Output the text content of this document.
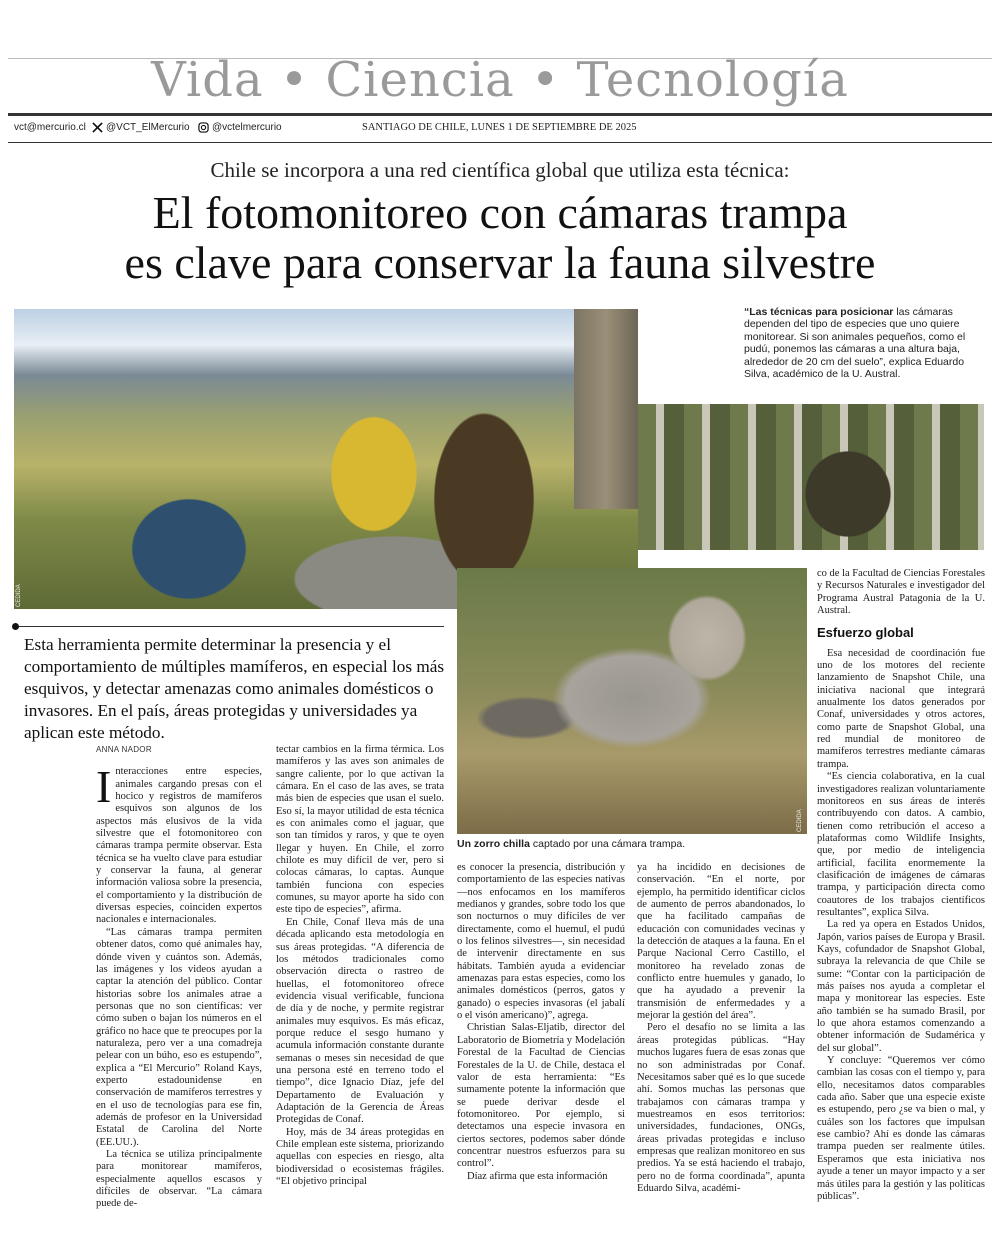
Vida • Ciencia • Tecnología
vct@mercurio.cl @VCT_ElMercurio @vctelmercurio	SANTIAGO DE CHILE, LUNES 1 DE SEPTIEMBRE DE 2025
Chile se incorpora a una red científica global que utiliza esta técnica:
El fotomonitoreo con cámaras trampa
es clave para conservar la fauna silvestre
CEDIDA
“Las técnicas para posicionar las cámaras dependen del tipo de especies que uno quiere monitorear. Si son animales pequeños, como el pudú, ponemos las cámaras a una altura baja, alrededor de 20 cm del suelo”, explica Eduardo Silva, académico de la U. Austral.
CEDIDA
Un zorro chilla captado por una cámara trampa.
Esta herramienta permite determinar la presencia y el comportamiento de múltiples mamíferos, en especial los más esquivos, y detectar amenazas como animales domésticos o invasores. En el país, áreas protegidas y universidades ya aplican este método.
ANNA NADOR

Interacciones entre especies, animales cargando presas con el hocico y registros de mamíferos esquivos son algunos de los aspectos más elusivos de la vida silvestre que el fotomonitoreo con cámaras trampa permite observar. Esta técnica se ha vuelto clave para estudiar y conservar la fauna, al generar información valiosa sobre la presencia, el comportamiento y la distribución de diversas especies, coinciden expertos nacionales e internacionales.

“Las cámaras trampa permiten obtener datos, como qué animales hay, dónde viven y cuántos son. Además, las imágenes y los videos ayudan a captar la atención del público. Contar historias sobre los animales atrae a personas que no son científicas: ver cómo suben o bajan los números en el gráfico no hace que te preocupes por la naturaleza, pero ver a una comadreja pelear con un búho, eso es estupendo”, explica a “El Mercurio” Roland Kays, experto estadounidense en conservación de mamíferos terrestres y en el uso de tecnologías para ese fin, además de profesor en la Universidad Estatal de Carolina del Norte (EE.UU.).

La técnica se utiliza principalmente para monitorear mamíferos, especialmente aquellos escasos y difíciles de observar. “La cámara puede de-

tectar cambios en la firma térmica. Los mamíferos y las aves son animales de sangre caliente, por lo que activan la cámara. En el caso de las aves, se trata más bien de especies que usan el suelo. Eso sí, la mayor utilidad de esta técnica es con animales como el jaguar, que son tan tímidos y raros, y que te oyen llegar y huyen. En Chile, el zorro chilote es muy difícil de ver, pero si colocas cámaras, lo captas. Aunque también funciona con especies comunes, su mayor aporte ha sido con este tipo de especies”, afirma.

En Chile, Conaf lleva más de una década aplicando esta metodología en sus áreas protegidas. “A diferencia de los métodos tradicionales como observación directa o rastreo de huellas, el fotomonitoreo ofrece evidencia visual verificable, funciona de día y de noche, y permite registrar animales muy esquivos. Es más eficaz, porque reduce el sesgo humano y acumula información constante durante semanas o meses sin necesidad de que una persona esté en terreno todo el tiempo”, dice Ignacio Díaz, jefe del Departamento de Evaluación y Adaptación de la Gerencia de Áreas Protegidas de Conaf.

Hoy, más de 34 áreas protegidas en Chile emplean este sistema, priorizando aquellas con especies en riesgo, alta biodiversidad o ecosistemas frágiles. “El objetivo principal

es conocer la presencia, distribución y comportamiento de las especies nativas —nos enfocamos en los mamíferos medianos y grandes, sobre todo los que son nocturnos o muy difíciles de ver directamente, como el huemul, el pudú o los felinos silvestres—, sin necesidad de intervenir directamente en sus hábitats. También ayuda a evidenciar amenazas para estas especies, como los animales domésticos (perros, gatos y ganado) o especies invasoras (el jabalí o el visón americano)”, agrega.

Christian Salas-Eljatib, director del Laboratorio de Biometría y Modelación Forestal de la Facultad de Ciencias Forestales de la U. de Chile, destaca el valor de esta herramienta: “Es sumamente potente la información que se puede derivar desde el fotomonitoreo. Por ejemplo, si detectamos una especie invasora en ciertos sectores, podemos saber dónde concentrar nuestros esfuerzos para su control”.

Díaz afirma que esta información

ya ha incidido en decisiones de conservación. “En el norte, por ejemplo, ha permitido identificar ciclos de aumento de perros abandonados, lo que ha facilitado campañas de educación con comunidades vecinas y la detección de ataques a la fauna. En el Parque Nacional Cerro Castillo, el monitoreo ha revelado zonas de conflicto entre huemules y ganado, lo que ha ayudado a prevenir la transmisión de enfermedades y a mejorar la gestión del área”.

Pero el desafío no se limita a las áreas protegidas públicas. “Hay muchos lugares fuera de esas zonas que no son administradas por Conaf. Necesitamos saber qué es lo que sucede ahí. Somos muchas las personas que trabajamos con cámaras trampa y muestreamos en esos territorios: universidades, fundaciones, ONGs, áreas privadas protegidas e incluso empresas que realizan monitoreo en sus predios. Ya se está haciendo el trabajo, pero no de forma coordinada”, apunta Eduardo Silva, académi-

co de la Facultad de Ciencias Forestales y Recursos Naturales e investigador del Programa Austral Patagonia de la U. Austral.

Esfuerzo global

Esa necesidad de coordinación fue uno de los motores del reciente lanzamiento de Snapshot Chile, una iniciativa nacional que integrará anualmente los datos generados por Conaf, universidades y otros actores, como parte de Snapshot Global, una red mundial de monitoreo de mamíferos terrestres mediante cámaras trampa.

“Es ciencia colaborativa, en la cual investigadores realizan voluntariamente monitoreos en sus áreas de interés contribuyendo con datos. A cambio, tienen como retribución el acceso a plataformas como Wildlife Insights, que, por medio de inteligencia artificial, facilita enormemente la clasificación de imágenes de cámaras trampa, y participación directa como coautores de los trabajos científicos resultantes”, explica Silva.

La red ya opera en Estados Unidos, Japón, varios países de Europa y Brasil. Kays, cofundador de Snapshot Global, subraya la relevancia de que Chile se sume: “Contar con la participación de más países nos ayuda a completar el mapa y monitorear las especies. Este año también se ha sumado Brasil, por lo que ahora estamos comenzando a obtener información de Sudamérica y del sur global”.

Y concluye: “Queremos ver cómo cambian las cosas con el tiempo y, para ello, necesitamos datos comparables cada año. Saber que una especie existe es estupendo, pero ¿se va bien o mal, y cuáles son los factores que impulsan ese cambio? Ahí es donde las cámaras trampa pueden ser realmente útiles. Esperamos que esta iniciativa nos ayude a tener un mayor impacto y a ser más útiles para la gestión y las políticas públicas”.
